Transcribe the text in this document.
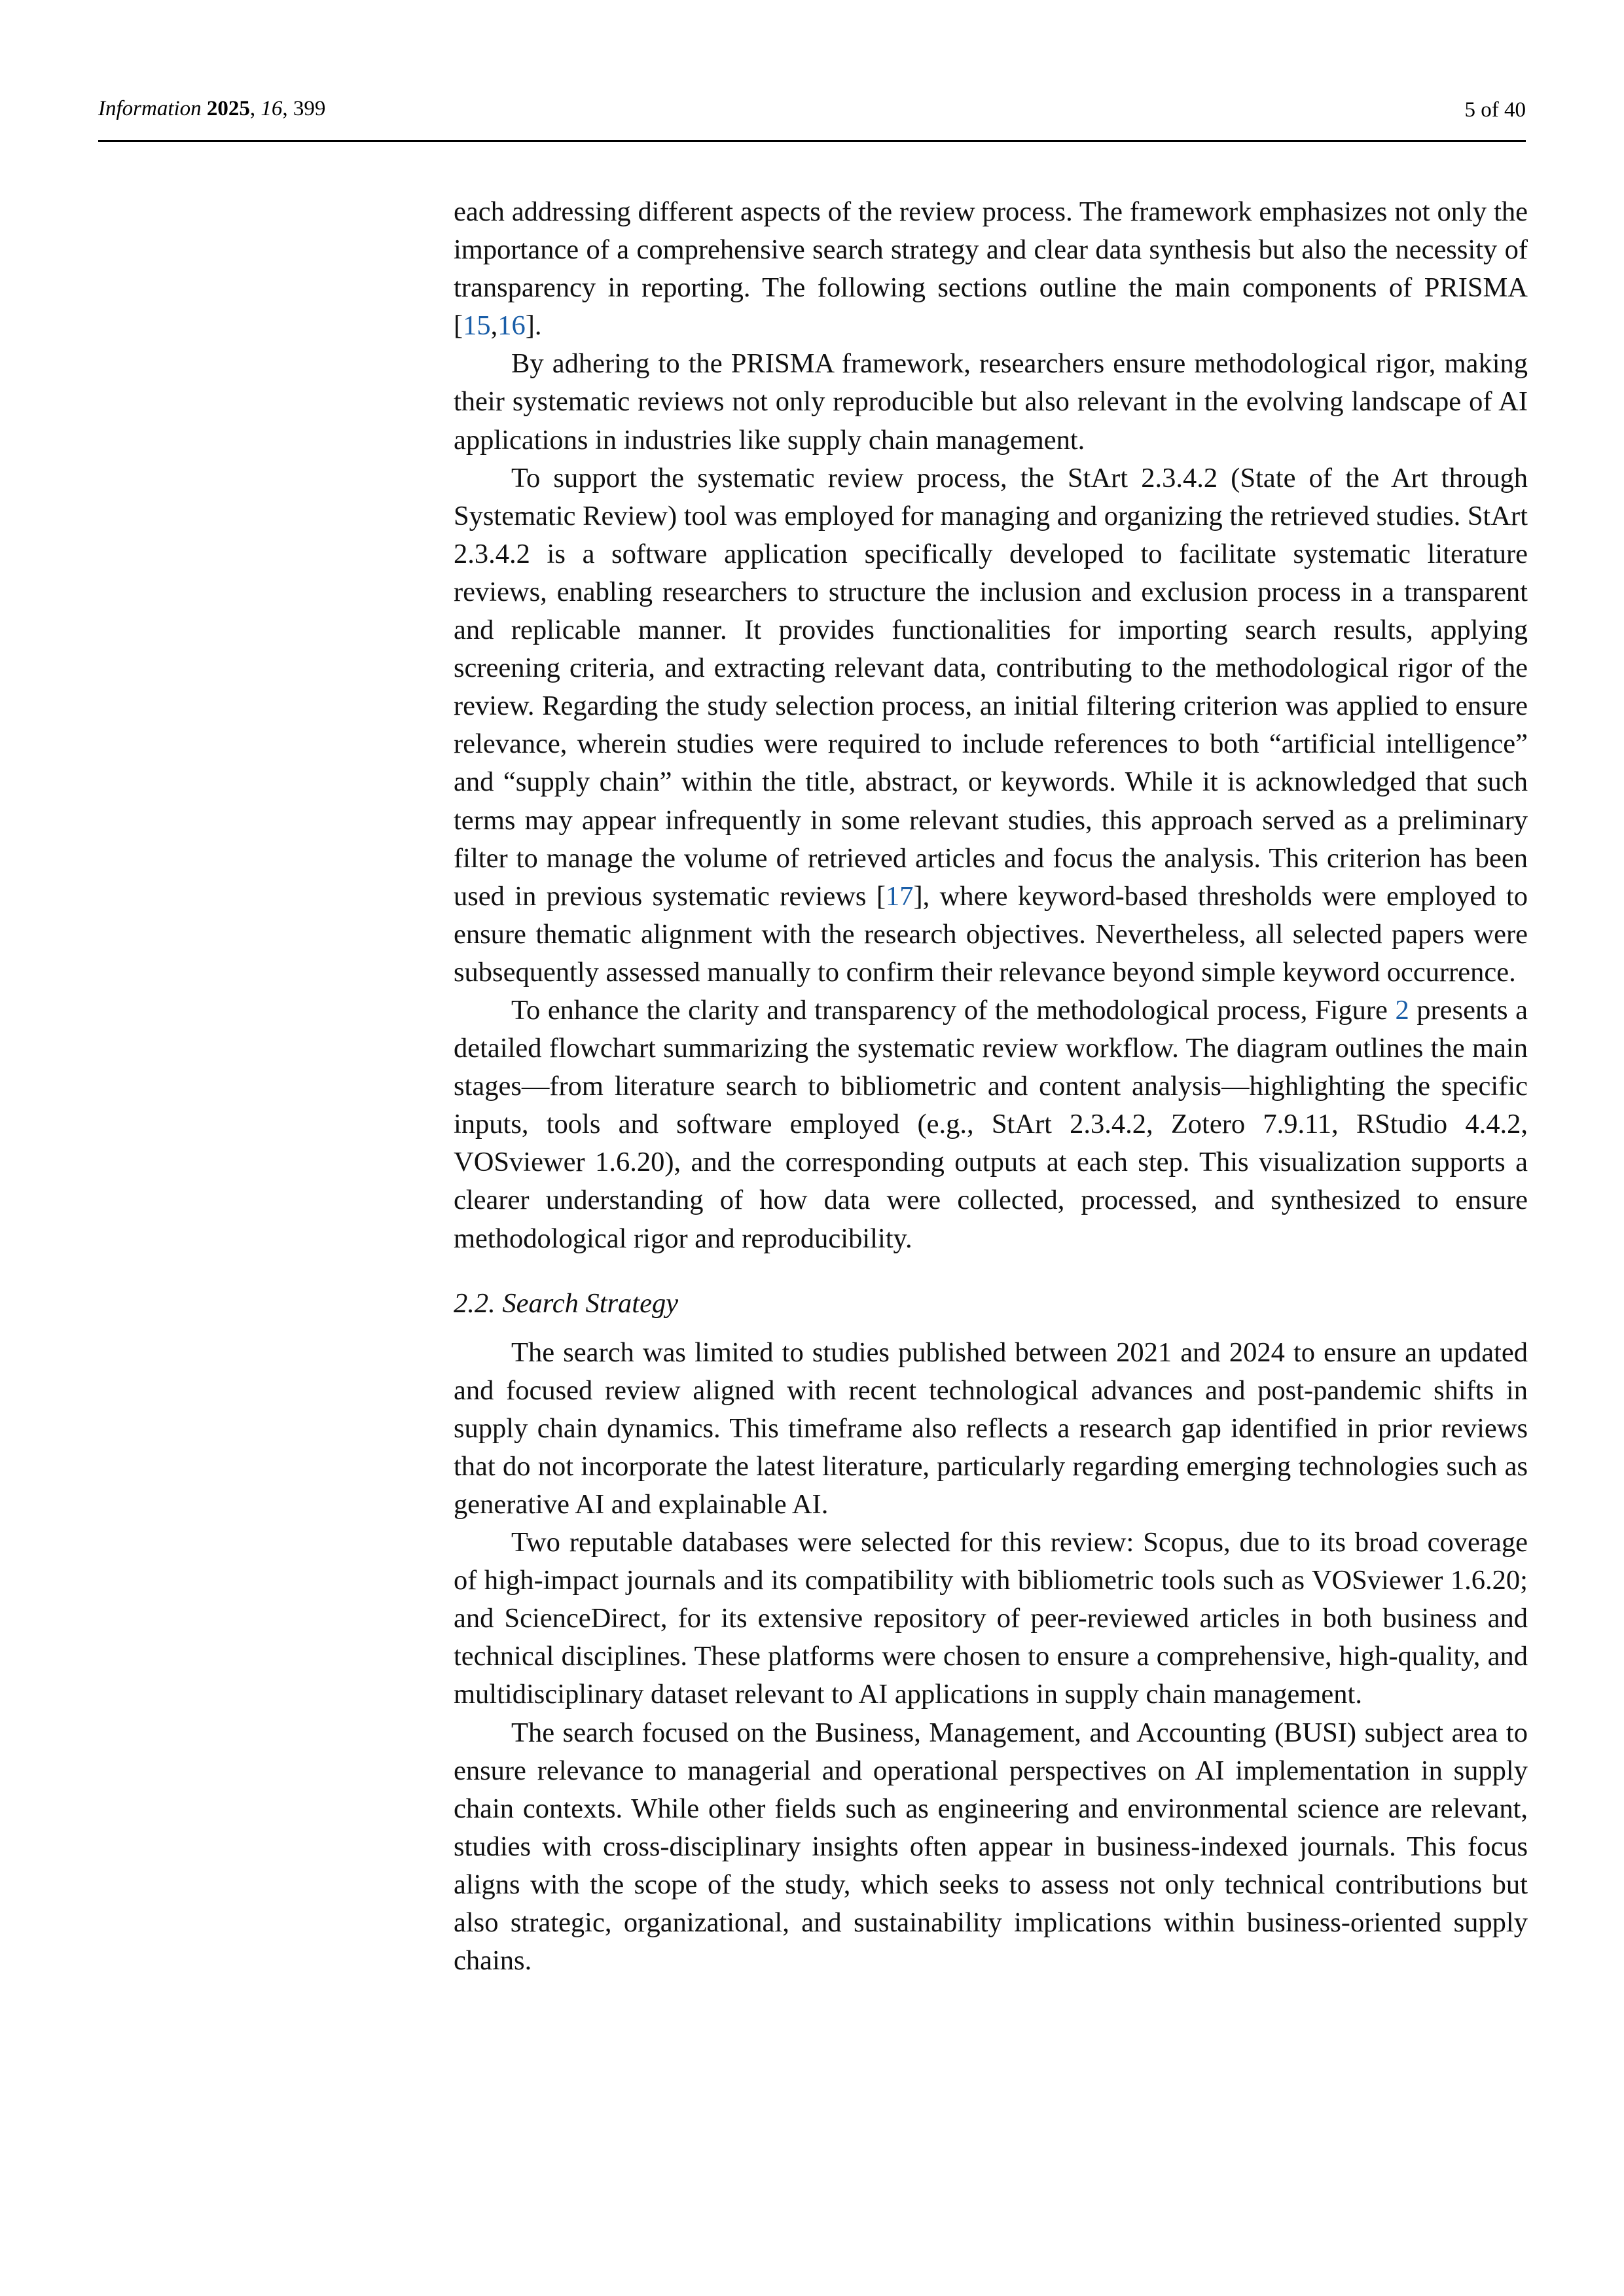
Information 2025, 16, 399	5 of 40

each addressing different aspects of the review process. The framework emphasizes not only the importance of a comprehensive search strategy and clear data synthesis but also the necessity of transparency in reporting. The following sections outline the main components of PRISMA [15,16].

By adhering to the PRISMA framework, researchers ensure methodological rigor, making their systematic reviews not only reproducible but also relevant in the evolving landscape of AI applications in industries like supply chain management.

To support the systematic review process, the StArt 2.3.4.2 (State of the Art through Systematic Review) tool was employed for managing and organizing the retrieved studies. StArt 2.3.4.2 is a software application specifically developed to facilitate systematic literature reviews, enabling researchers to structure the inclusion and exclusion process in a transparent and replicable manner. It provides functionalities for importing search results, applying screening criteria, and extracting relevant data, contributing to the methodological rigor of the review. Regarding the study selection process, an initial filtering criterion was applied to ensure relevance, wherein studies were required to include references to both “artificial intelligence” and “supply chain” within the title, abstract, or keywords. While it is acknowledged that such terms may appear infrequently in some relevant studies, this approach served as a preliminary filter to manage the volume of retrieved articles and focus the analysis. This criterion has been used in previous systematic reviews [17], where keyword-based thresholds were employed to ensure thematic alignment with the research objectives. Nevertheless, all selected papers were subsequently assessed manually to confirm their relevance beyond simple keyword occurrence.

To enhance the clarity and transparency of the methodological process, Figure 2 presents a detailed flowchart summarizing the systematic review workflow. The diagram outlines the main stages—from literature search to bibliometric and content analysis—highlighting the specific inputs, tools and software employed (e.g., StArt 2.3.4.2, Zotero 7.9.11, RStudio 4.4.2, VOSviewer 1.6.20), and the corresponding outputs at each step. This visualization supports a clearer understanding of how data were collected, processed, and synthesized to ensure methodological rigor and reproducibility.

2.2. Search Strategy

The search was limited to studies published between 2021 and 2024 to ensure an updated and focused review aligned with recent technological advances and post-pandemic shifts in supply chain dynamics. This timeframe also reflects a research gap identified in prior reviews that do not incorporate the latest literature, particularly regarding emerging technologies such as generative AI and explainable AI.

Two reputable databases were selected for this review: Scopus, due to its broad coverage of high-impact journals and its compatibility with bibliometric tools such as VOSviewer 1.6.20; and ScienceDirect, for its extensive repository of peer-reviewed articles in both business and technical disciplines. These platforms were chosen to ensure a comprehensive, high-quality, and multidisciplinary dataset relevant to AI applications in supply chain management.

The search focused on the Business, Management, and Accounting (BUSI) subject area to ensure relevance to managerial and operational perspectives on AI implementation in supply chain contexts. While other fields such as engineering and environmental science are relevant, studies with cross-disciplinary insights often appear in business-indexed journals. This focus aligns with the scope of the study, which seeks to assess not only technical contributions but also strategic, organizational, and sustainability implications within business-oriented supply chains.
